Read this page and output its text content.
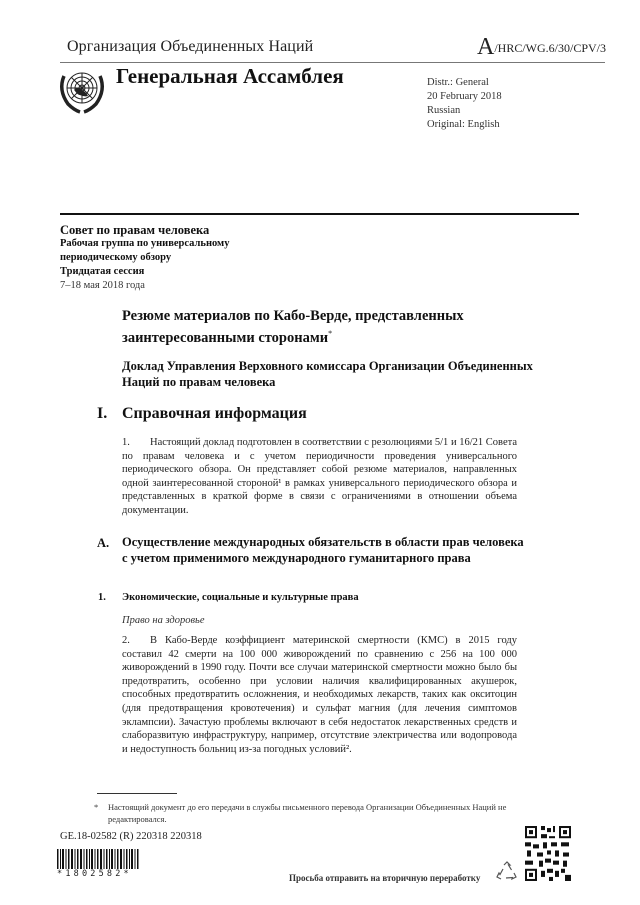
Организация Объединенных Наций	A/HRC/WG.6/30/CPV/3
Генеральная Ассамблея	Distr.: General
20 February 2018
Russian
Original: English
Совет по правам человека
Рабочая группа по универсальному
периодическому обзору
Тридцатая сессия
7–18 мая 2018 года
Резюме материалов по Кабо-Верде, представленных заинтересованными сторонами*
Доклад Управления Верховного комиссара Организации Объединенных Наций по правам человека
I. Справочная информация
1. Настоящий доклад подготовлен в соответствии с резолюциями 5/1 и 16/21 Совета по правам человека и с учетом периодичности проведения универсального периодического обзора. Он представляет собой резюме материалов, направленных одной заинтересованной стороной¹ в рамках универсального периодического обзора и представленных в краткой форме в связи с ограничениями в отношении объема документации.
A. Осуществление международных обязательств в области прав человека с учетом применимого международного гуманитарного права
1. Экономические, социальные и культурные права
Право на здоровье
2. В Кабо-Верде коэффициент материнской смертности (КМС) в 2015 году составил 42 смерти на 100 000 живорождений по сравнению с 256 на 100 000 живорождений в 1990 году. Почти все случаи материнской смертности можно было бы предотвратить, особенно при условии наличия квалифицированных акушерок, способных предотвратить осложнения, и необходимых лекарств, таких как окситоцин (для предотвращения кровотечения) и сульфат магния (для лечения симптомов эклампсии). Зачастую проблемы включают в себя недостаток лекарственных средств и слаборазвитую инфраструктуру, например, отсутствие электричества или водопровода и недоступность больниц из-за погодных условий².
* Настоящий документ до его передачи в службы письменного перевода Организации Объединенных Наций не редактировался.
GE.18-02582 (R) 220318 220318
*1802582*	Просьба отправить на вторичную переработку
